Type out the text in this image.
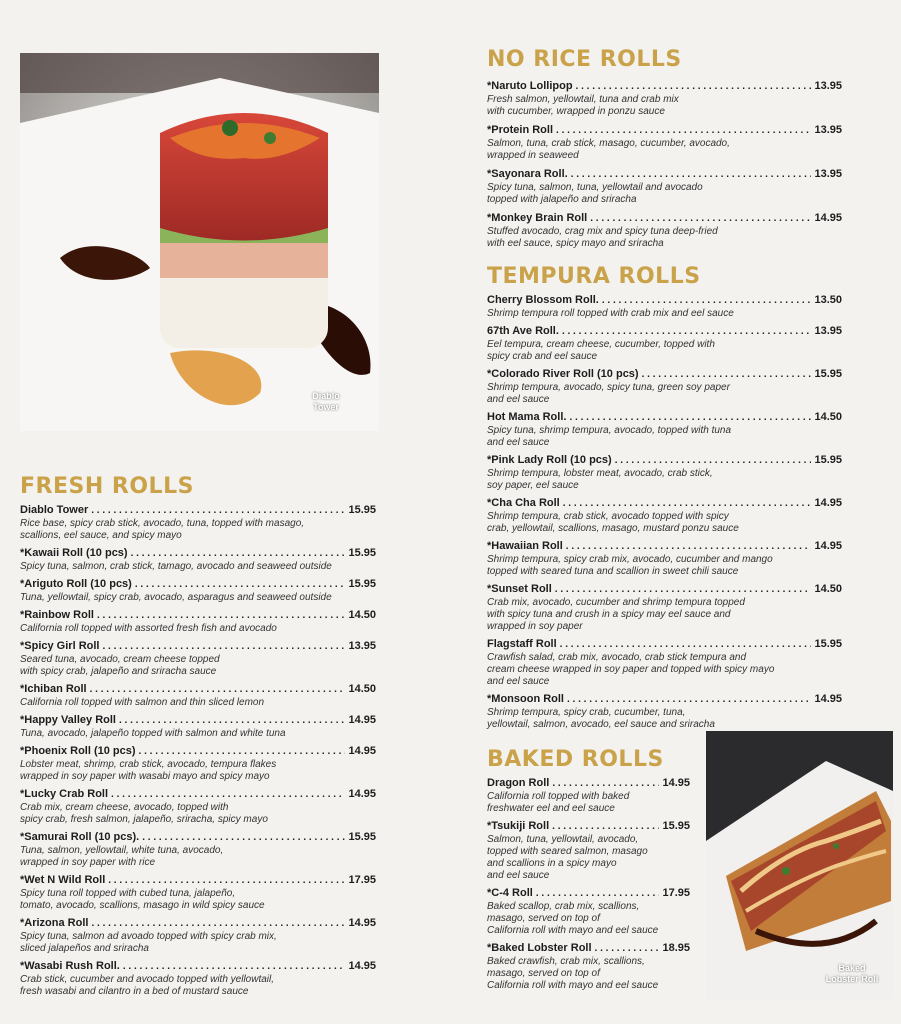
Diablo
Tower
Baked
Lobster Roll
FRESH ROLLS
NO RICE ROLLS
TEMPURA ROLLS
BAKED ROLLS
Diablo Tower . . .	15.95
Rice base, spicy crab stick, avocado, tuna, topped with masago,
scallions, eel sauce, and spicy mayo
*Kawaii Roll (10 pcs) . . .	15.95
Spicy tuna, salmon, crab stick, tamago, avocado and seaweed outside
*Ariguto Roll (10 pcs) . . .	15.95
Tuna, yellowtail, spicy crab, avocado, asparagus and seaweed outside
*Rainbow Roll . . .	14.50
California roll topped with assorted fresh fish and avocado
*Spicy Girl Roll . . .	13.95
Seared tuna, avocado, cream cheese topped
with spicy crab, jalapeño and sriracha sauce
*Ichiban Roll . . .	14.50
California roll topped with salmon and thin sliced lemon
*Happy Valley Roll . . .	14.95
Tuna, avocado, jalapeño topped with salmon and white tuna
*Phoenix Roll (10 pcs) . . .	14.95
Lobster meat, shrimp, crab stick, avocado, tempura flakes
wrapped in soy paper with wasabi mayo and spicy mayo
*Lucky Crab Roll . . .	14.95
Crab mix, cream cheese, avocado, topped with
spicy crab, fresh salmon, jalapeño, sriracha, spicy mayo
*Samurai Roll (10 pcs). . . .	15.95
Tuna, salmon, yellowtail, white tuna, avocado,
wrapped in soy paper with rice
*Wet N Wild Roll . . .	17.95
Spicy tuna roll topped with cubed tuna, jalapeño,
tomato, avocado, scallions, masago in wild spicy sauce
*Arizona Roll . . .	14.95
Spicy tuna, salmon ad avoado topped with spicy crab mix,
sliced jalapeños and sriracha
*Wasabi Rush Roll. . . .	14.95
Crab stick, cucumber and avocado topped with yellowtail,
fresh wasabi and cilantro in a bed of mustard sauce
*Naruto Lollipop . . .	13.95
Fresh salmon, yellowtail, tuna and crab mix
with cucumber, wrapped in ponzu sauce
*Protein Roll . . .	13.95
Salmon, tuna, crab stick, masago, cucumber, avocado,
wrapped in seaweed
*Sayonara Roll. . . .	13.95
Spicy tuna, salmon, tuna, yellowtail and avocado
topped with jalapeño and sriracha
*Monkey Brain Roll . . .	14.95
Stuffed avocado, crag mix and spicy tuna deep-fried
with eel sauce, spicy mayo and sriracha
Cherry Blossom Roll. . . .	13.50
Shrimp tempura roll topped with crab mix and eel sauce
67th Ave Roll. . . .	13.95
Eel tempura, cream cheese, cucumber, topped with
spicy crab and eel sauce
*Colorado River Roll (10 pcs) . . .	15.95
Shrimp tempura, avocado, spicy tuna, green soy paper
and eel sauce
Hot Mama Roll. . . .	14.50
Spicy tuna, shrimp tempura, avocado, topped with tuna
and eel sauce
*Pink Lady Roll (10 pcs) . . .	15.95
Shrimp tempura, lobster meat, avocado, crab stick,
soy paper, eel sauce
*Cha Cha Roll . . .	14.95
Shrimp tempura, crab stick, avocado topped with spicy
crab, yellowtail, scallions, masago, mustard ponzu sauce
*Hawaiian Roll . . .	14.95
Shrimp tempura, spicy crab mix, avocado, cucumber and mango
topped with seared tuna and scallion in sweet chili sauce
*Sunset Roll . . .	14.50
Crab mix, avocado, cucumber and shrimp tempura topped
with spicy tuna and crush in a spicy may eel sauce and
wrapped in soy paper
Flagstaff Roll . . .	15.95
Crawfish salad, crab mix, avocado, crab stick tempura and
cream cheese wrapped in soy paper and topped with spicy mayo
and eel sauce
*Monsoon Roll . . .	14.95
Shrimp tempura, spicy crab, cucumber, tuna,
yellowtail, salmon, avocado, eel sauce and sriracha
Dragon Roll . . .	14.95
California roll topped with baked
freshwater eel and eel sauce
*Tsukiji Roll . . .	15.95
Salmon, tuna, yellowtail, avocado,
topped with seared salmon, masago
and scallions in a spicy mayo
and eel sauce
*C-4 Roll . . .	17.95
Baked scallop, crab mix, scallions,
masago, served on top of
California roll with mayo and eel sauce
*Baked Lobster Roll . . .	18.95
Baked crawfish, crab mix, scallions,
masago, served on top of
California roll with mayo and eel sauce
